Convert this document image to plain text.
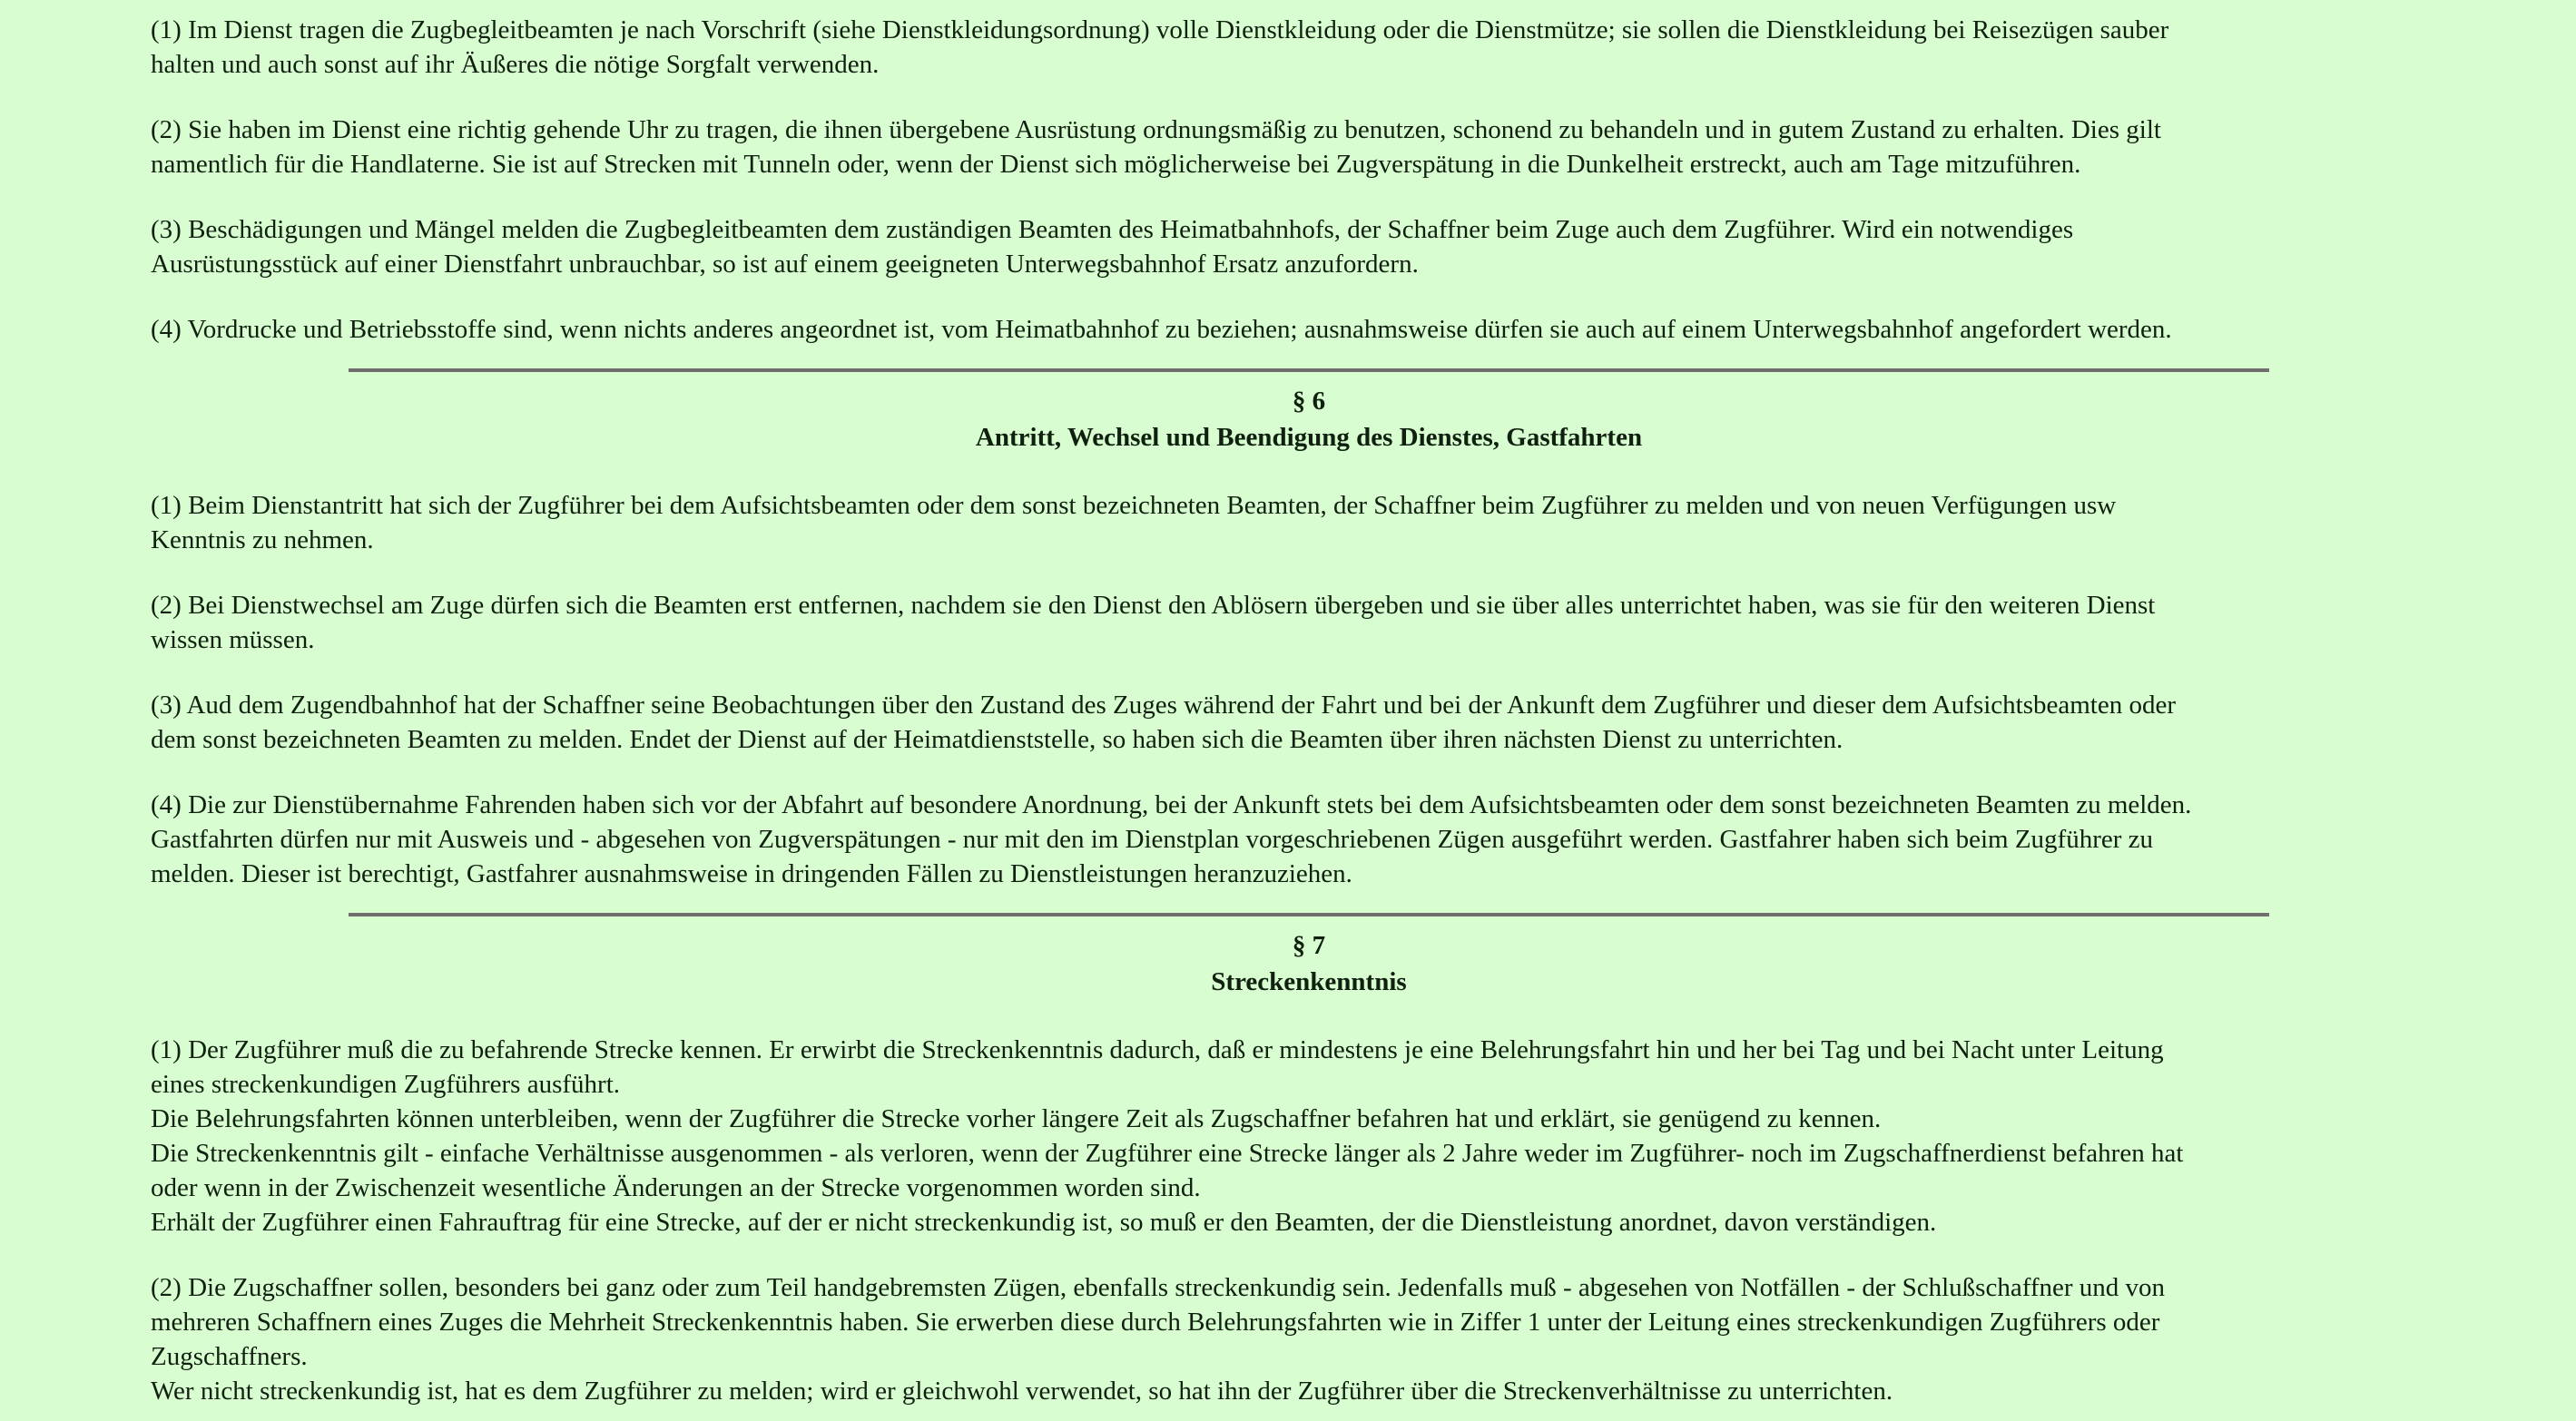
(1) Im Dienst tragen die Zugbegleitbeamten je nach Vorschrift (siehe Dienstkleidungsordnung) volle Dienstkleidung oder die Dienstmütze; sie sollen die Dienstkleidung bei Reisezügen sauber
halten und auch sonst auf ihr Äußeres die nötige Sorgfalt verwenden.

(2) Sie haben im Dienst eine richtig gehende Uhr zu tragen, die ihnen übergebene Ausrüstung ordnungsmäßig zu benutzen, schonend zu behandeln und in gutem Zustand zu erhalten. Dies gilt
namentlich für die Handlaterne. Sie ist auf Strecken mit Tunneln oder, wenn der Dienst sich möglicherweise bei Zugverspätung in die Dunkelheit erstreckt, auch am Tage mitzuführen.

(3) Beschädigungen und Mängel melden die Zugbegleitbeamten dem zuständigen Beamten des Heimatbahnhofs, der Schaffner beim Zuge auch dem Zugführer. Wird ein notwendiges
Ausrüstungsstück auf einer Dienstfahrt unbrauchbar, so ist auf einem geeigneten Unterwegsbahnhof Ersatz anzufordern.

(4) Vordrucke und Betriebsstoffe sind, wenn nichts anderes angeordnet ist, vom Heimatbahnhof zu beziehen; ausnahmsweise dürfen sie auch auf einem Unterwegsbahnhof angefordert werden.

§ 6
Antritt, Wechsel und Beendigung des Dienstes, Gastfahrten

(1) Beim Dienstantritt hat sich der Zugführer bei dem Aufsichtsbeamten oder dem sonst bezeichneten Beamten, der Schaffner beim Zugführer zu melden und von neuen Verfügungen usw
Kenntnis zu nehmen.

(2) Bei Dienstwechsel am Zuge dürfen sich die Beamten erst entfernen, nachdem sie den Dienst den Ablösern übergeben und sie über alles unterrichtet haben, was sie für den weiteren Dienst
wissen müssen.

(3) Aud dem Zugendbahnhof hat der Schaffner seine Beobachtungen über den Zustand des Zuges während der Fahrt und bei der Ankunft dem Zugführer und dieser dem Aufsichtsbeamten oder
dem sonst bezeichneten Beamten zu melden. Endet der Dienst auf der Heimatdienststelle, so haben sich die Beamten über ihren nächsten Dienst zu unterrichten.

(4) Die zur Dienstübernahme Fahrenden haben sich vor der Abfahrt auf besondere Anordnung, bei der Ankunft stets bei dem Aufsichtsbeamten oder dem sonst bezeichneten Beamten zu melden.
Gastfahrten dürfen nur mit Ausweis und - abgesehen von Zugverspätungen - nur mit den im Dienstplan vorgeschriebenen Zügen ausgeführt werden. Gastfahrer haben sich beim Zugführer zu
melden. Dieser ist berechtigt, Gastfahrer ausnahmsweise in dringenden Fällen zu Dienstleistungen heranzuziehen.

§ 7
Streckenkenntnis

(1) Der Zugführer muß die zu befahrende Strecke kennen. Er erwirbt die Streckenkenntnis dadurch, daß er mindestens je eine Belehrungsfahrt hin und her bei Tag und bei Nacht unter Leitung
eines streckenkundigen Zugführers ausführt.
Die Belehrungsfahrten können unterbleiben, wenn der Zugführer die Strecke vorher längere Zeit als Zugschaffner befahren hat und erklärt, sie genügend zu kennen.
Die Streckenkenntnis gilt - einfache Verhältnisse ausgenommen - als verloren, wenn der Zugführer eine Strecke länger als 2 Jahre weder im Zugführer- noch im Zugschaffnerdienst befahren hat
oder wenn in der Zwischenzeit wesentliche Änderungen an der Strecke vorgenommen worden sind.
Erhält der Zugführer einen Fahrauftrag für eine Strecke, auf der er nicht streckenkundig ist, so muß er den Beamten, der die Dienstleistung anordnet, davon verständigen.

(2) Die Zugschaffner sollen, besonders bei ganz oder zum Teil handgebremsten Zügen, ebenfalls streckenkundig sein. Jedenfalls muß - abgesehen von Notfällen - der Schlußschaffner und von
mehreren Schaffnern eines Zuges die Mehrheit Streckenkenntnis haben. Sie erwerben diese durch Belehrungsfahrten wie in Ziffer 1 unter der Leitung eines streckenkundigen Zugführers oder
Zugschaffners.
Wer nicht streckenkundig ist, hat es dem Zugführer zu melden; wird er gleichwohl verwendet, so hat ihn der Zugführer über die Streckenverhältnisse zu unterrichten.
